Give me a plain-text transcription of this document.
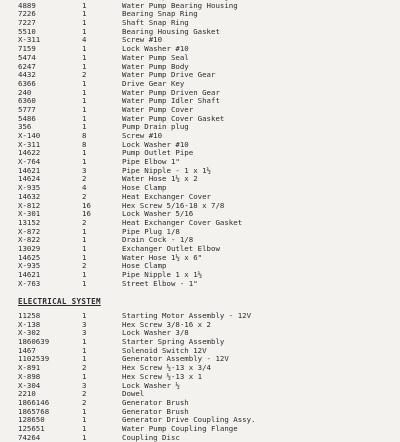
4889	1	Water Pump Bearing Housing
7226	1	Bearing Snap Ring
7227	1	Shaft Snap Ring
5510	1	Bearing Housing Gasket
X-311	4	Screw #10
7159	1	Lock Washer #10
5474	1	Water Pump Seal
6247	1	Water Pump Body
4432	2	Water Pump Drive Gear
6366	1	Drive Gear Key
240	1	Water Pump Driven Gear
6360	1	Water Pump Idler Shaft
5777	1	Water Pump Cover
5486	1	Water Pump Cover Gasket
356	1	Pump Drain plug
X-140	8	Screw #10
X-311	8	Lock Washer #10
14622	1	Pump Outlet Pipe
X-764	1	Pipe Elbow 1"
14621	3	Pipe Nipple - 1 x 1½
14624	2	Water Hose 1½ x 2
X-935	4	Hose Clamp
14632	2	Heat Exchanger Cover
X-812	16	Hex Screw 5/16-18 x 7/8
X-301	16	Lock Washer 5/16
13152	2	Heat Exchanger Cover Gasket
X-872	1	Pipe Plug 1/8
X-822	1	Drain Cock - 1/8
13029	1	Exchanger Outlet Elbow
14625	1	Water Hose 1½ x 6"
X-935	2	Hose Clamp
14621	1	Pipe Nipple 1 x 1½
X-763	1	Street Elbow - 1"
ELECTRICAL SYSTEM
11258	1	Starting Motor Assembly - 12V
X-138	3	Hex Screw 3/8-16 x 2
X-302	3	Lock Washer 3/8
1860639	1	Starter Spring Assembly
1467	1	Solenoid Switch 12V
1102539	1	Generator Assembly - 12V
X-891	2	Hex Screw ½-13 x 3/4
X-898	1	Hex Screw ½-13 x 1
X-304	3	Lock Washer ½
2210	2	Dowel
1866146	2	Generator Brush
1865768	1	Generator Brush
128650	1	Generator Drive Coupling Assy.
125651	1	Water Pump Coupling Flange
74264	1	Coupling Disc
